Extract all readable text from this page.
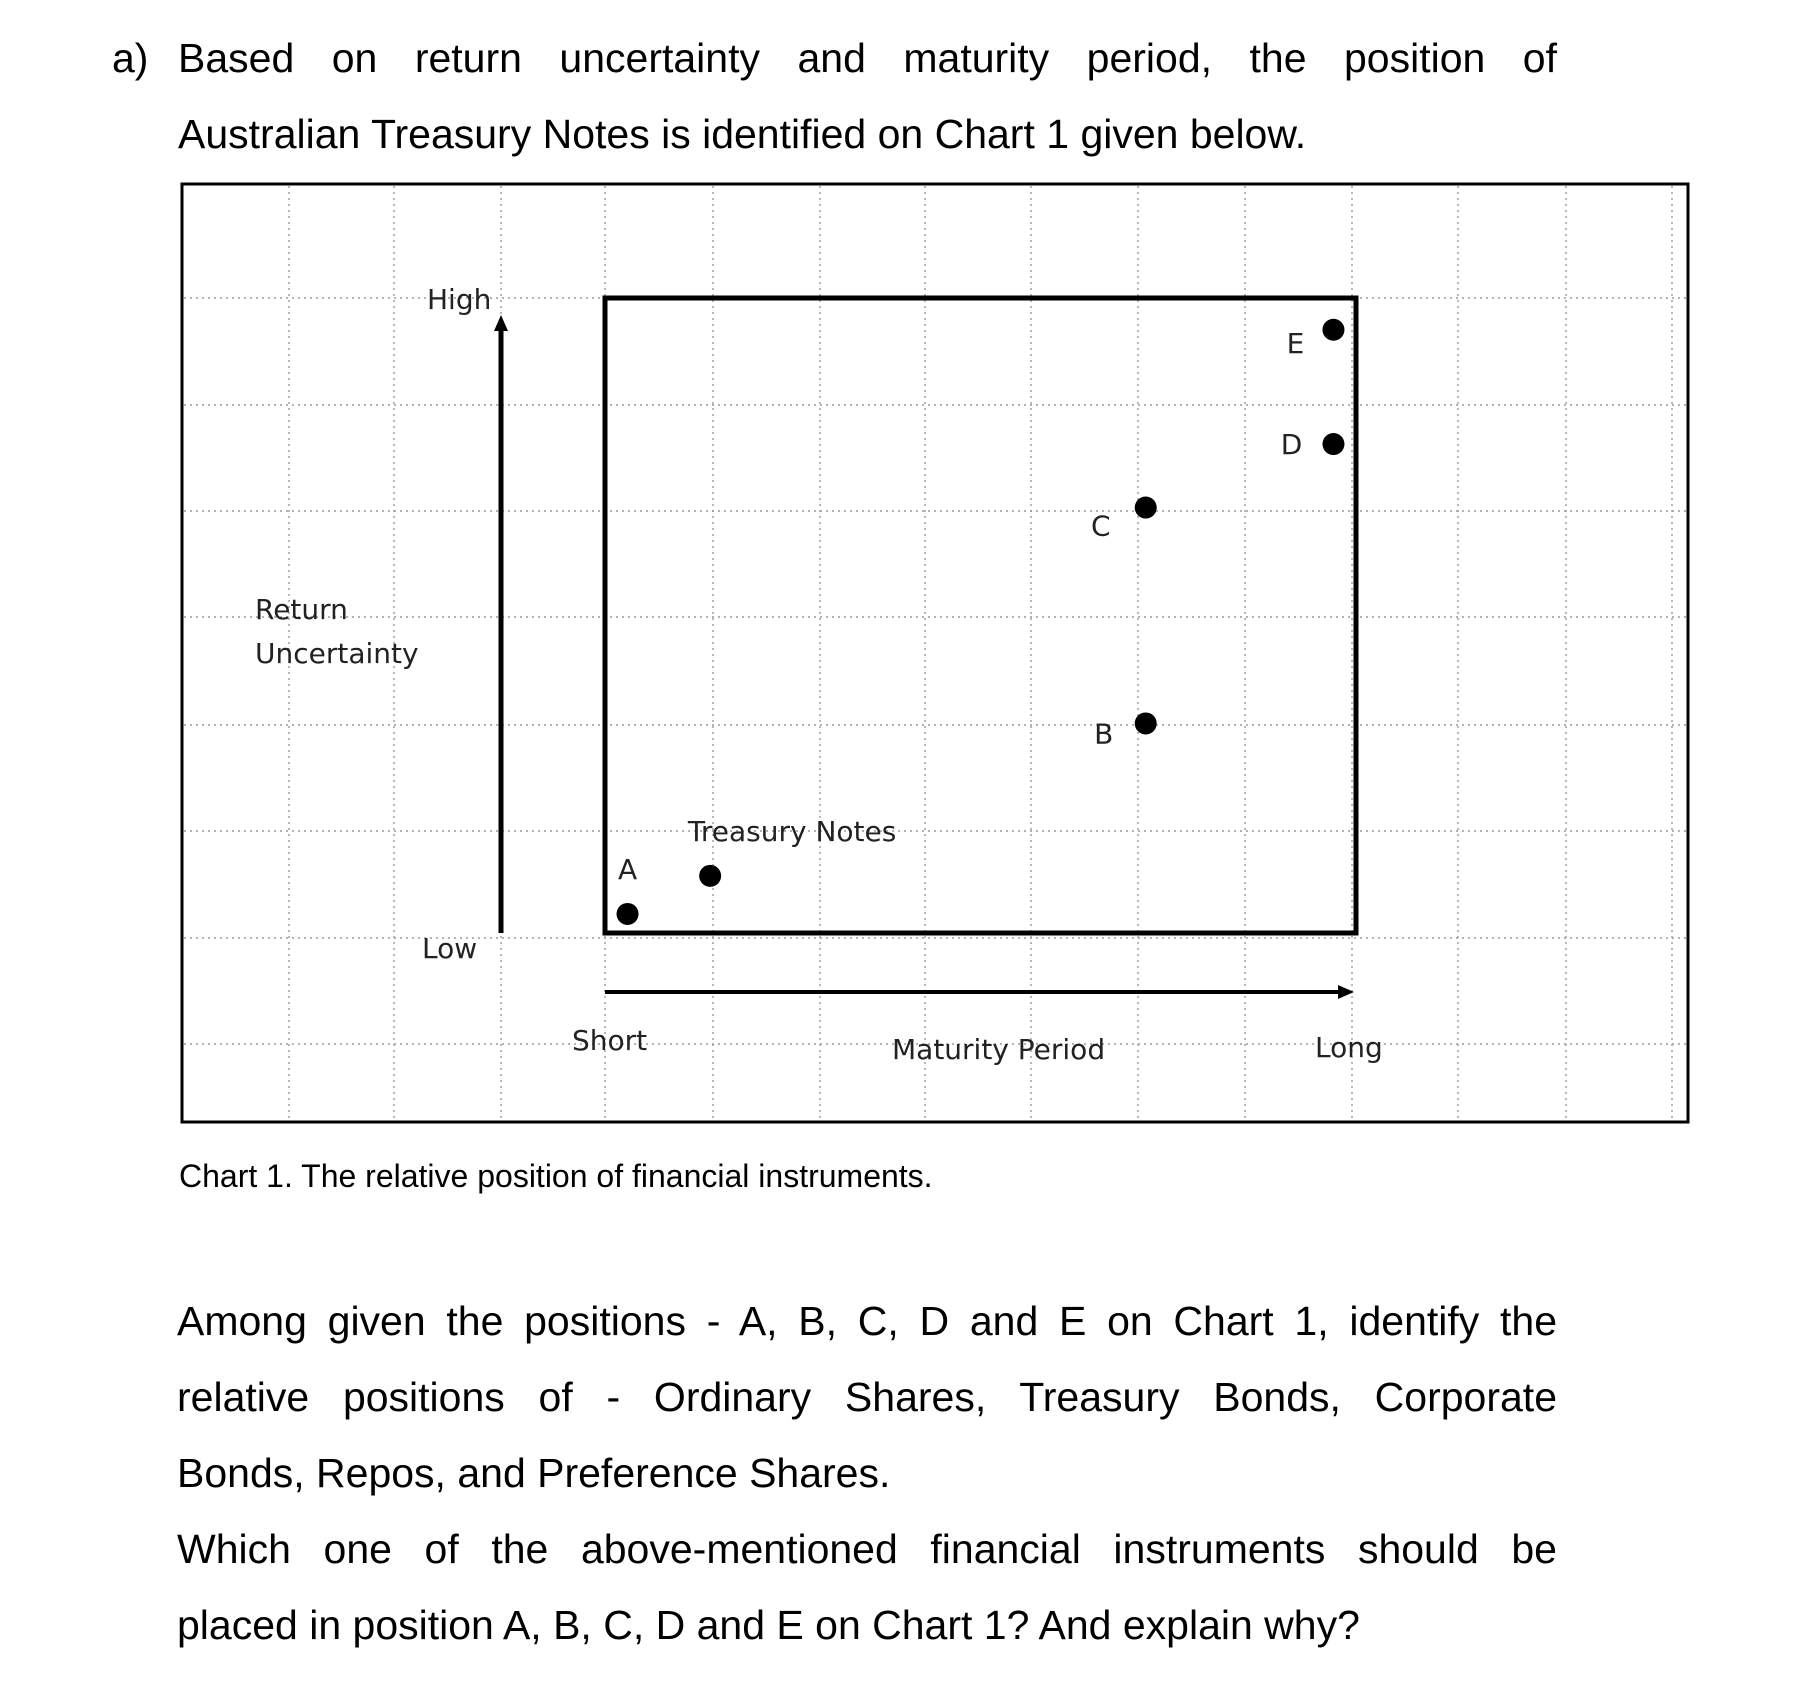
a) Based on return uncertainty and maturity period, the position of
Australian Treasury Notes is identified on Chart 1 given below.
High
Low
Return
Uncertainty
Short	Maturity Period	Long
A
Treasury Notes
B
C
D
E
Chart 1. The relative position of financial instruments.
Among given the positions - A, B, C, D and E on Chart 1, identify the
relative positions of - Ordinary Shares, Treasury Bonds, Corporate
Bonds, Repos, and Preference Shares.
Which one of the above-mentioned financial instruments should be
placed in position A, B, C, D and E on Chart 1? And explain why?
